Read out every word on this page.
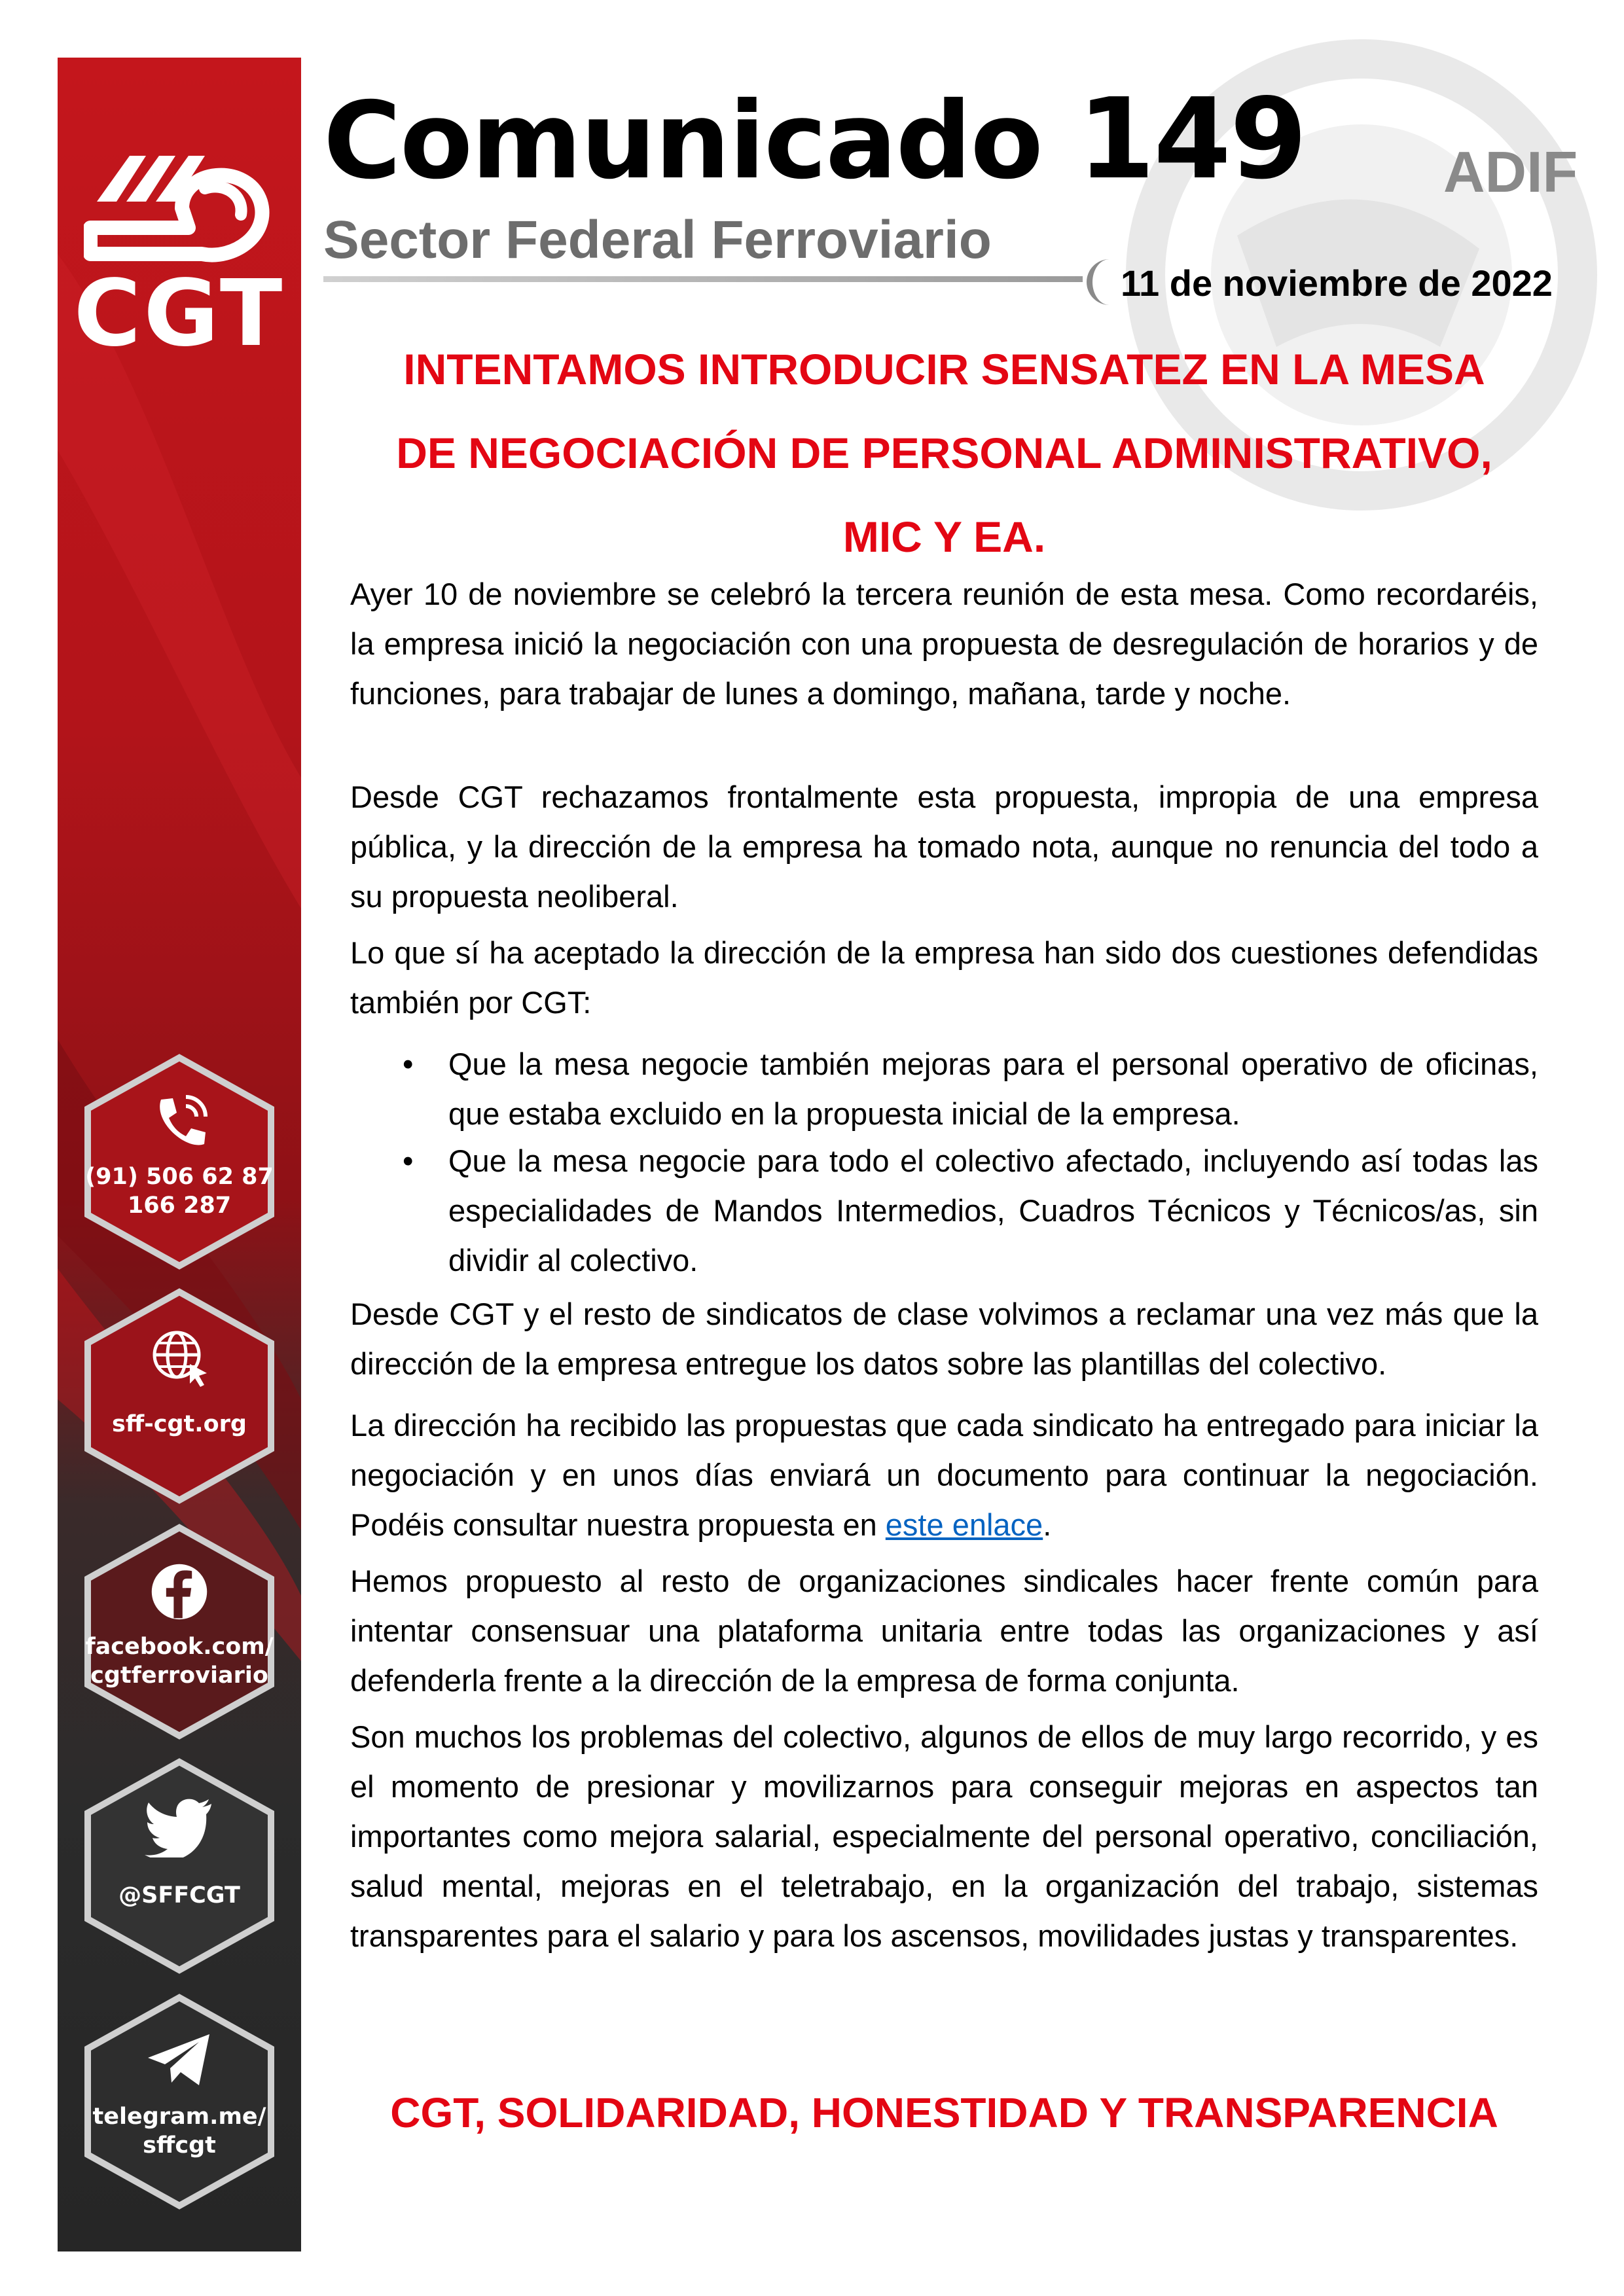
CGT
(91) 506 62 87
166 287
sff-cgt.org
facebook.com/
cgtferroviario
@SFFCGT
telegram.me/
sffcgt
Comunicado 149 ADIF
Sector Federal Ferroviario
11 de noviembre de 2022
INTENTAMOS INTRODUCIR SENSATEZ EN LA MESA
DE NEGOCIACIÓN DE PERSONAL ADMINISTRATIVO,
MIC Y EA.
Ayer 10 de noviembre se celebró la tercera reunión de esta mesa. Como recordaréis, la empresa inició la negociación con una propuesta de desregulación de horarios y de funciones, para trabajar de lunes a domingo, mañana, tarde y noche.
Desde CGT rechazamos frontalmente esta propuesta, impropia de una empresa pública, y la dirección de la empresa ha tomado nota, aunque no renuncia del todo a su propuesta neoliberal.
Lo que sí ha aceptado la dirección de la empresa han sido dos cuestiones defendidas también por CGT:
• Que la mesa negocie también mejoras para el personal operativo de oficinas, que estaba excluido en la propuesta inicial de la empresa.
• Que la mesa negocie para todo el colectivo afectado, incluyendo así todas las especialidades de Mandos Intermedios, Cuadros Técnicos y Técnicos/as, sin dividir al colectivo.
Desde CGT y el resto de sindicatos de clase volvimos a reclamar una vez más que la dirección de la empresa entregue los datos sobre las plantillas del colectivo.
La dirección ha recibido las propuestas que cada sindicato ha entregado para iniciar la negociación y en unos días enviará un documento para continuar la negociación. Podéis consultar nuestra propuesta en este enlace.
Hemos propuesto al resto de organizaciones sindicales hacer frente común para intentar consensuar una plataforma unitaria entre todas las organizaciones y así defenderla frente a la dirección de la empresa de forma conjunta.
Son muchos los problemas del colectivo, algunos de ellos de muy largo recorrido, y es el momento de presionar y movilizarnos para conseguir mejoras en aspectos tan importantes como mejora salarial, especialmente del personal operativo, conciliación, salud mental, mejoras en el teletrabajo, en la organización del trabajo, sistemas transparentes para el salario y para los ascensos, movilidades justas y transparentes.
CGT, SOLIDARIDAD, HONESTIDAD Y TRANSPARENCIA
